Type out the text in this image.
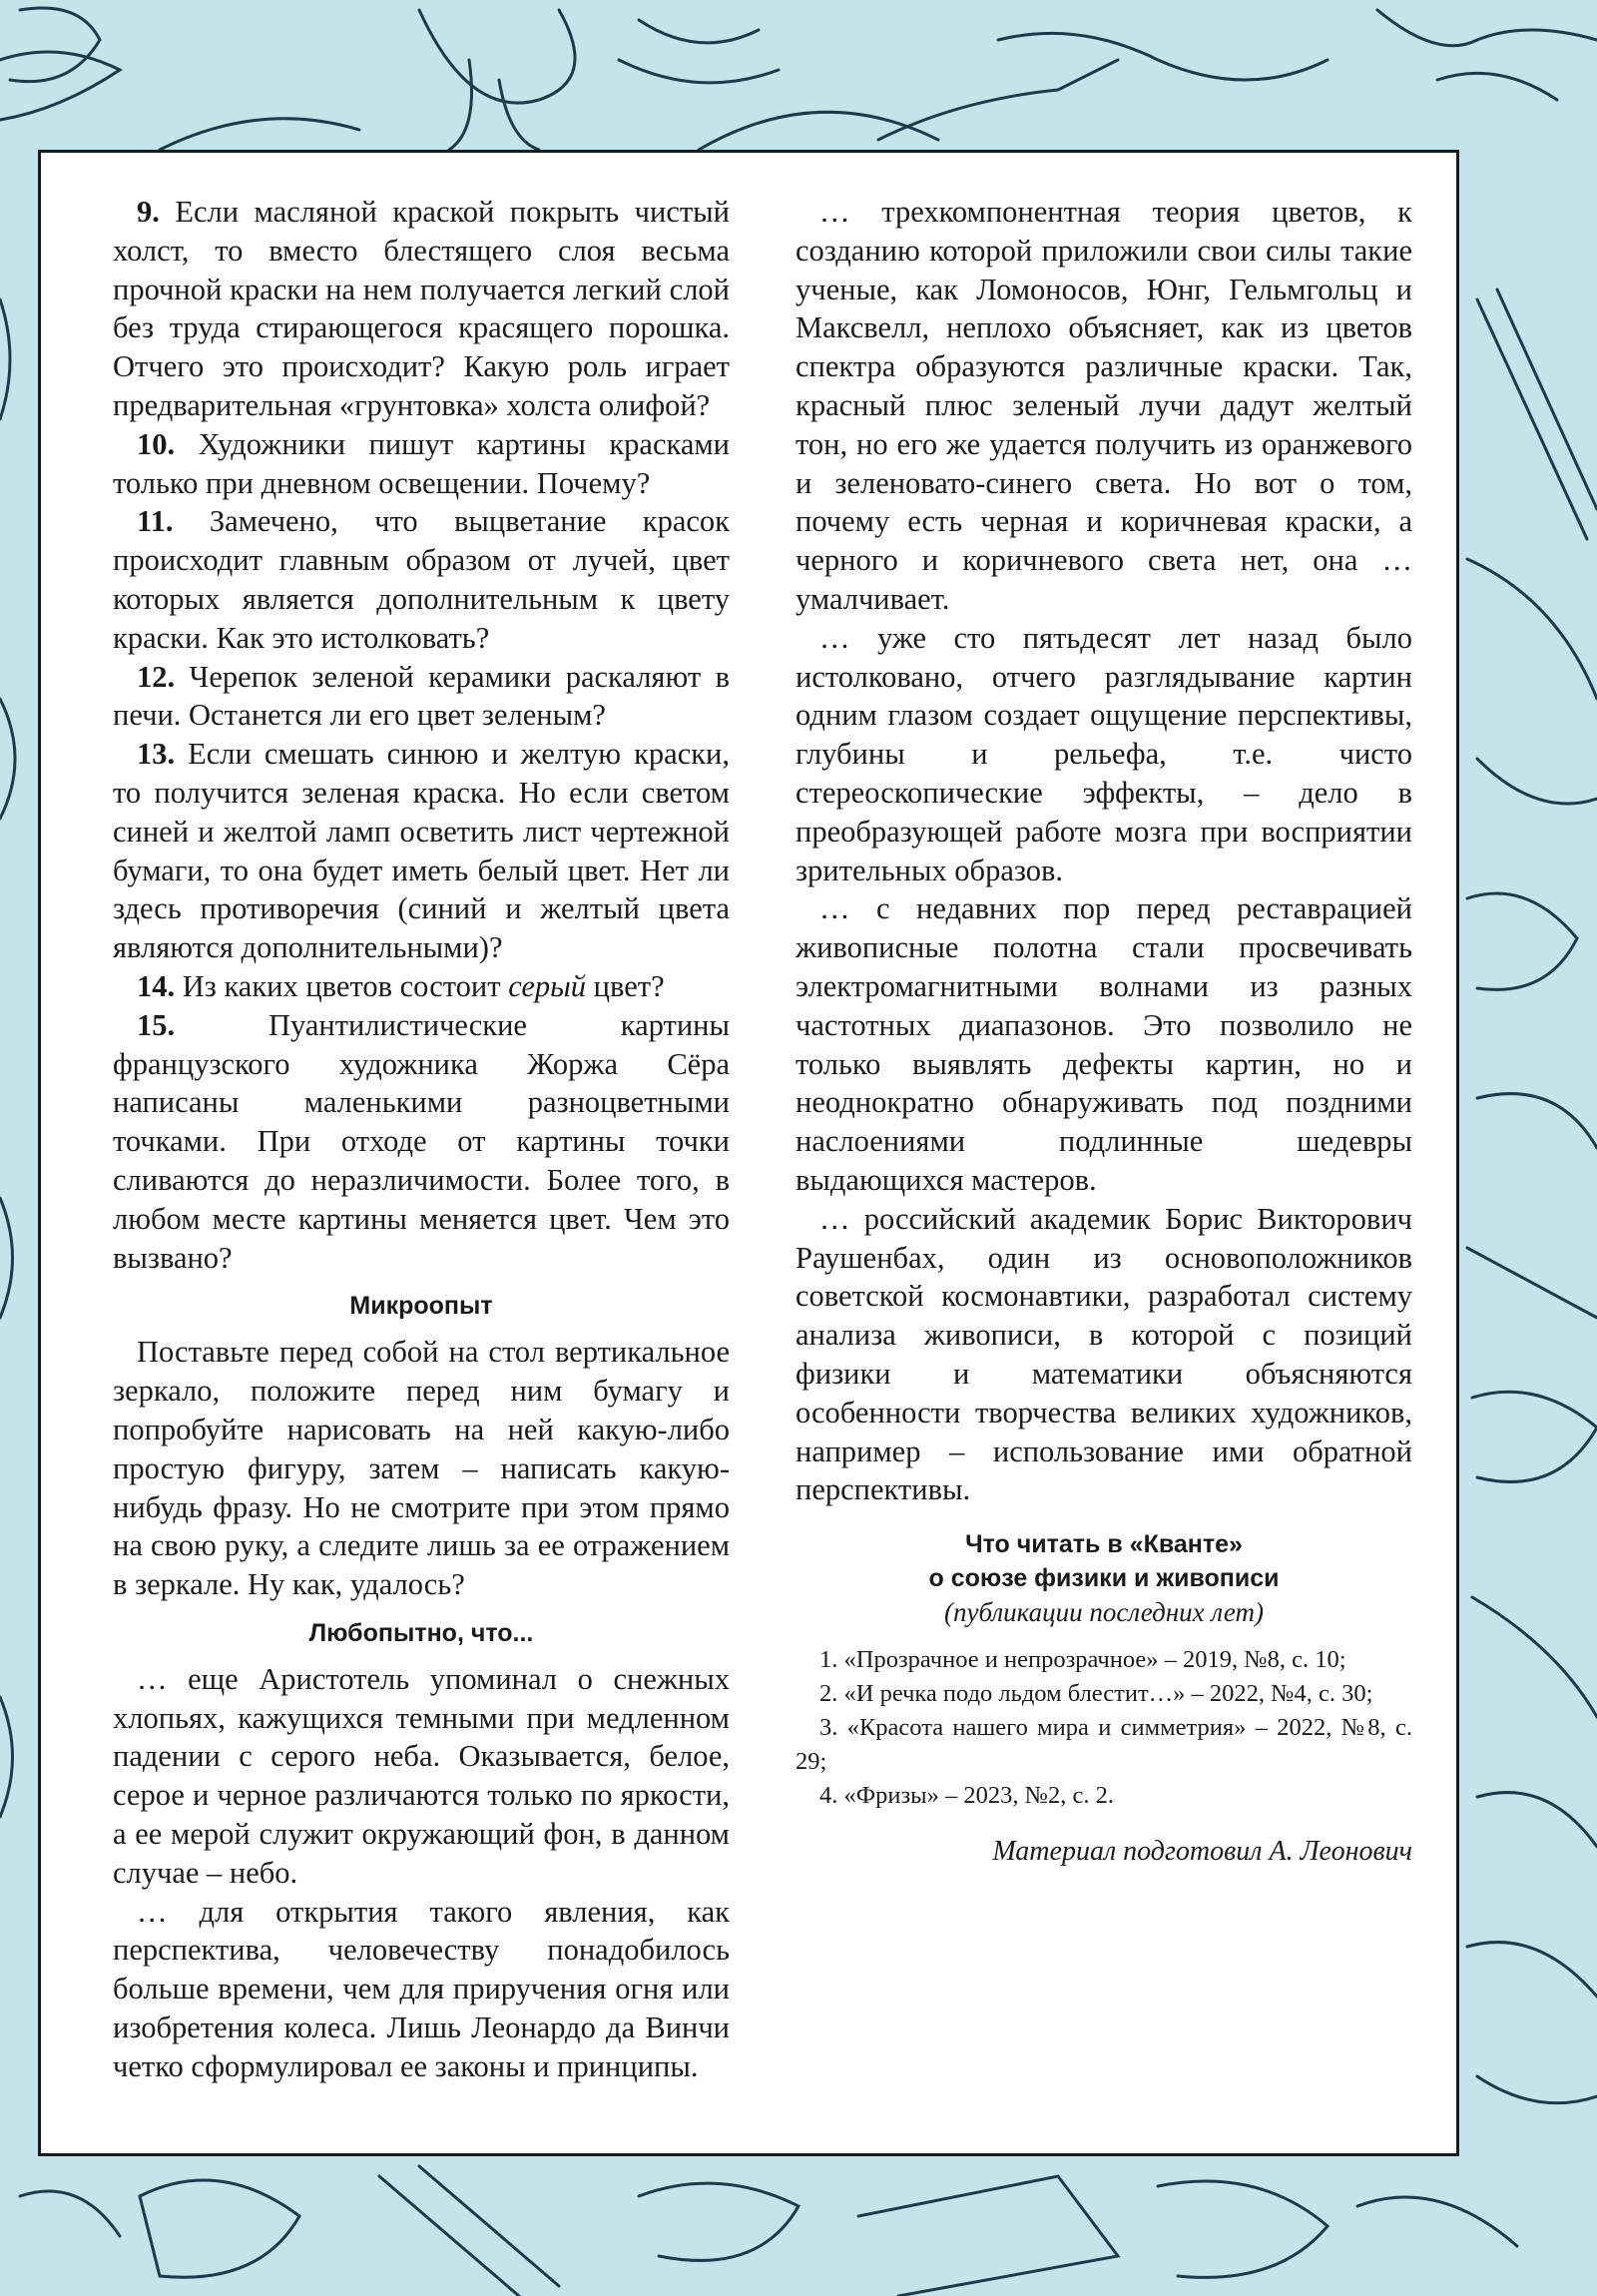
9. Если масляной краской покрыть чистый холст, то вместо блестящего слоя весьма прочной краски на нем получается легкий слой без труда стирающегося красящего порошка. Отчего это происходит? Какую роль играет предварительная «грунтовка» холста олифой?

10. Художники пишут картины красками только при дневном освещении. Почему?

11. Замечено, что выцветание красок происходит главным образом от лучей, цвет которых является дополнительным к цвету краски. Как это истолковать?

12. Черепок зеленой керамики раскаляют в печи. Останется ли его цвет зеленым?

13. Если смешать синюю и желтую краски, то получится зеленая краска. Но если светом синей и желтой ламп осветить лист чертежной бумаги, то она будет иметь белый цвет. Нет ли здесь противоречия (синий и желтый цвета являются дополнительными)?

14. Из каких цветов состоит серый цвет?

15. Пуантилистические картины французского художника Жоржа Сёра написаны маленькими разноцветными точками. При отходе от картины точки сливаются до неразличимости. Более того, в любом месте картины меняется цвет. Чем это вызвано?

Микроопыт

Поставьте перед собой на стол вертикальное зеркало, положите перед ним бумагу и попробуйте нарисовать на ней какую-либо простую фигуру, затем – написать какую-нибудь фразу. Но не смотрите при этом прямо на свою руку, а следите лишь за ее отражением в зеркале. Ну как, удалось?

Любопытно, что...

… еще Аристотель упоминал о снежных хлопьях, кажущихся темными при медленном падении с серого неба. Оказывается, белое, серое и черное различаются только по яркости, а ее мерой служит окружающий фон, в данном случае – небо.

… для открытия такого явления, как перспектива, человечеству понадобилось больше времени, чем для приручения огня или изобретения колеса. Лишь Леонардо да Винчи четко сформулировал ее законы и принципы.

… трехкомпонентная теория цветов, к созданию которой приложили свои силы такие ученые, как Ломоносов, Юнг, Гельмгольц и Максвелл, неплохо объясняет, как из цветов спектра образуются различные краски. Так, красный плюс зеленый лучи дадут желтый тон, но его же удается получить из оранжевого и зеленовато-синего света. Но вот о том, почему есть черная и коричневая краски, а черного и коричневого света нет, она … умалчивает.

… уже сто пятьдесят лет назад было истолковано, отчего разглядывание картин одним глазом создает ощущение перспективы, глубины и рельефа, т.е. чисто стереоскопические эффекты, – дело в преобразующей работе мозга при восприятии зрительных образов.

… с недавних пор перед реставрацией живописные полотна стали просвечивать электромагнитными волнами из разных частотных диапазонов. Это позволило не только выявлять дефекты картин, но и неоднократно обнаруживать под поздними наслоениями подлинные шедевры выдающихся мастеров.

… российский академик Борис Викторович Раушенбах, один из основоположников советской космонавтики, разработал систему анализа живописи, в которой с позиций физики и математики объясняются особенности творчества великих художников, например – использование ими обратной перспективы.

Что читать в «Кванте»
о союзе физики и живописи
(публикации последних лет)

1. «Прозрачное и непрозрачное» – 2019, №8, с. 10;

2. «И речка подо льдом блестит…» – 2022, №4, с. 30;

3. «Красота нашего мира и симметрия» – 2022, №8, с. 29;

4. «Фризы» – 2023, №2, с. 2.

Материал подготовил А. Леонович
